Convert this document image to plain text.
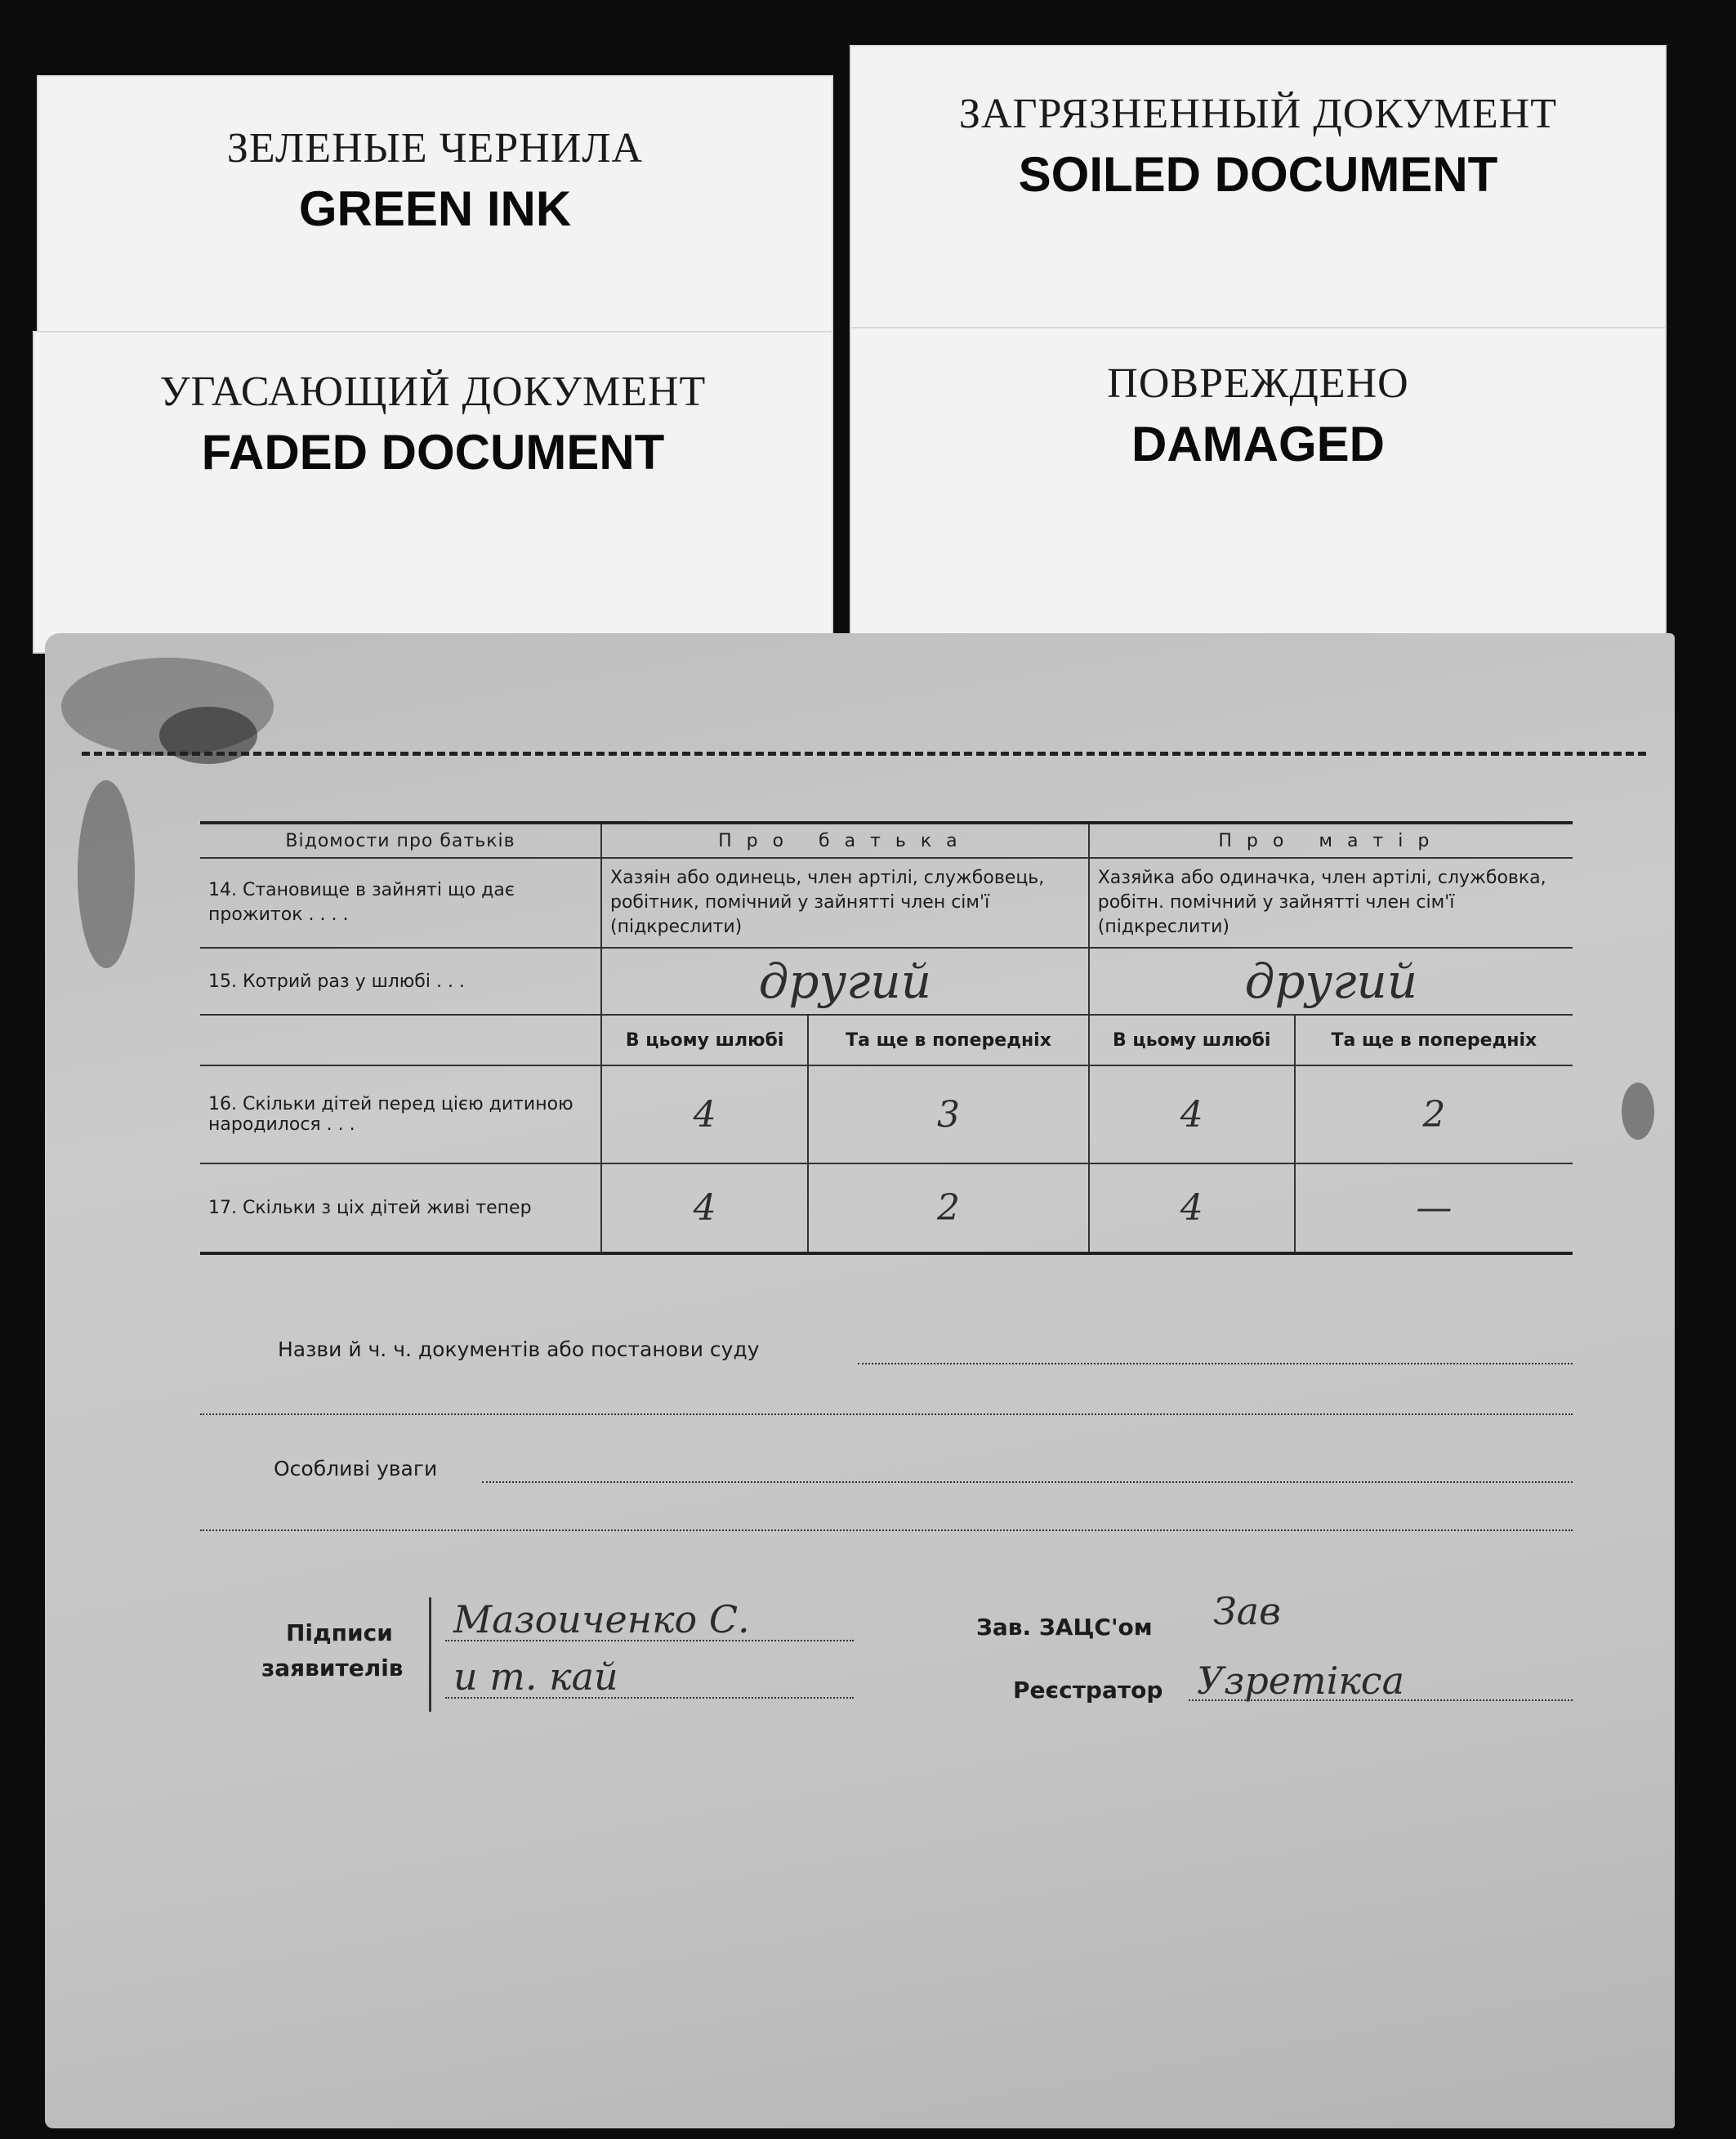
ЗЕЛЕНЫЕ ЧЕРНИЛА
GREEN INK
ЗАГРЯЗНЕННЫЙ ДОКУМЕНТ
SOILED DOCUMENT
УГАСАЮЩИЙ ДОКУМЕНТ
FADED DOCUMENT
ПОВРЕЖДЕНО
DAMAGED
Відомости про батьків	Про батька		Про матір	
14. Становище в зайняті що дає прожиток . . . .	Хазяін або одинець, член артілі, службовець, робітник, помічний у зайнятті член сім'ї (підкреслити)		Хазяйка або одиначка, член артілі, службовка, робітн. помічний у зайнятті член сім'ї (підкреслити)	
15. Котрий раз у шлюбі . . .	другий		другий	

	В цьому шлюбі	Та ще в попередніх	В цьому шлюбі	Та ще в попередніх
16. Скільки дітей перед цією дитиною народилося . . .	4	3	4	2

17. Скільки з ціх дітей живі тепер	4	2	4	—
Назви й ч. ч. документів або постанови суду
Особливі уваги
Підписи
заявителів
Мазоиченко С.
и т. кай
Зав. ЗАЦС'ом Зав
Реєстратор Узретікса
